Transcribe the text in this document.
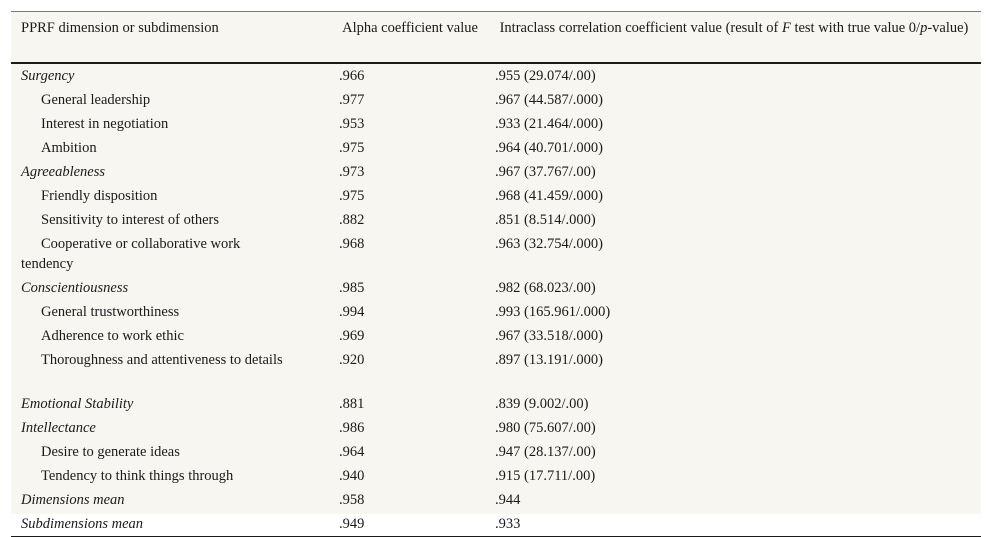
PPRF dimension or subdimension	Alpha coefficient value	Intraclass correlation coefficient value (result of F test with true value 0/p-value)

Surgency	.966	.955 (29.074/.00)

General leadership	.977	.967 (44.587/.000)

Interest in negotiation	.953	.933 (21.464/.000)

Ambition	.975	.964 (40.701/.000)

Agreeableness	.973	.967 (37.767/.00)

Friendly disposition	.975	.968 (41.459/.000)

Sensitivity to interest of others	.882	.851 (8.514/.000)

Cooperative or collaborative work tendency	.968	.963 (32.754/.000)

Conscientiousness	.985	.982 (68.023/.00)

General trustworthiness	.994	.993 (165.961/.000)

Adherence to work ethic	.969	.967 (33.518/.000)

Thoroughness and attentiveness to details	.920	.897 (13.191/.000)

Emotional Stability	.881	.839 (9.002/.00)

Intellectance	.986	.980 (75.607/.00)

Desire to generate ideas	.964	.947 (28.137/.00)

Tendency to think things through	.940	.915 (17.711/.00)

Dimensions mean	.958	.944

Subdimensions mean	.949	.933
